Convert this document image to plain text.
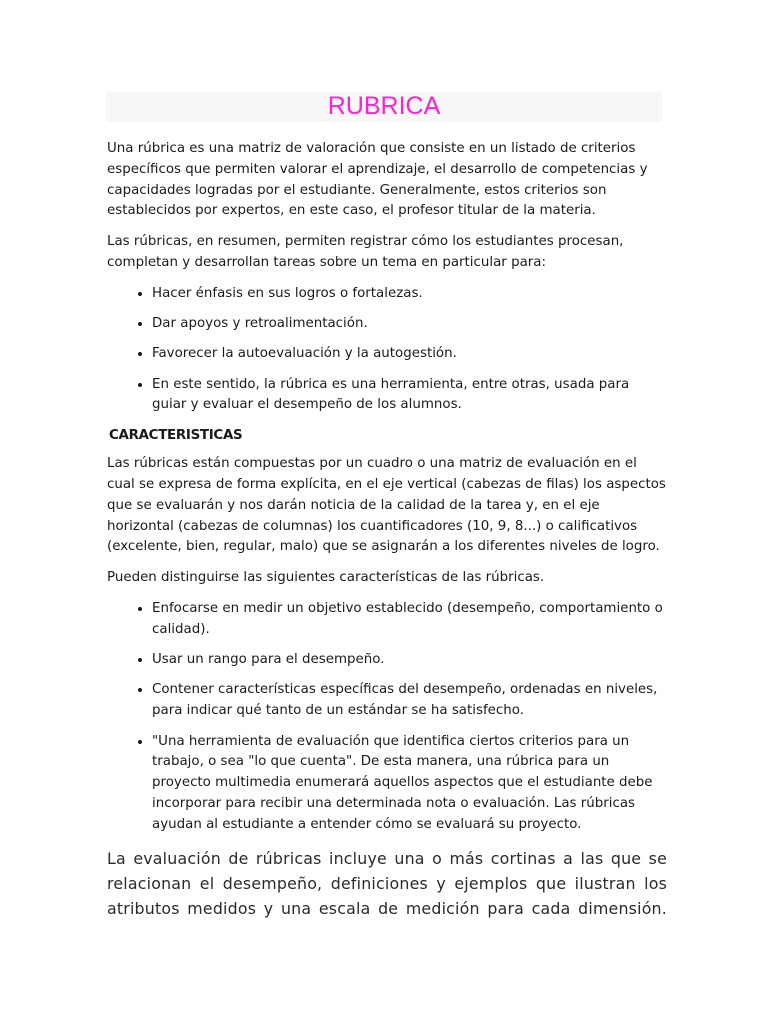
RUBRICA

Una rúbrica es una matriz de valoración que consiste en un listado de criterios específicos que permiten valorar el aprendizaje, el desarrollo de competencias y capacidades logradas por el estudiante. Generalmente, estos criterios son establecidos por expertos, en este caso, el profesor titular de la materia.

Las rúbricas, en resumen, permiten registrar cómo los estudiantes procesan, completan y desarrollan tareas sobre un tema en particular para:

• Hacer énfasis en sus logros o fortalezas.
• Dar apoyos y retroalimentación.
• Favorecer la autoevaluación y la autogestión.
• En este sentido, la rúbrica es una herramienta, entre otras, usada para guiar y evaluar el desempeño de los alumnos.
CARACTERISTICAS

Las rúbricas están compuestas por un cuadro o una matriz de evaluación en el cual se expresa de forma explícita, en el eje vertical (cabezas de filas) los aspectos que se evaluarán y nos darán noticia de la calidad de la tarea y, en el eje horizontal (cabezas de columnas) los cuantificadores (10, 9, 8...) o calificativos (excelente, bien, regular, malo) que se asignarán a los diferentes niveles de logro.

Pueden distinguirse las siguientes características de las rúbricas.

• Enfocarse en medir un objetivo establecido (desempeño, comportamiento o calidad).
• Usar un rango para el desempeño.
• Contener características específicas del desempeño, ordenadas en niveles, para indicar qué tanto de un estándar se ha satisfecho.
• "Una herramienta de evaluación que identifica ciertos criterios para un trabajo, o sea "lo que cuenta". De esta manera, una rúbrica para un proyecto multimedia enumerará aquellos aspectos que el estudiante debe incorporar para recibir una determinada nota o evaluación. Las rúbricas ayudan al estudiante a entender cómo se evaluará su proyecto.

La evaluación de rúbricas incluye una o más cortinas a las que se relacionan el desempeño, definiciones y ejemplos que ilustran los atributos medidos y una escala de medición para cada dimensión.
